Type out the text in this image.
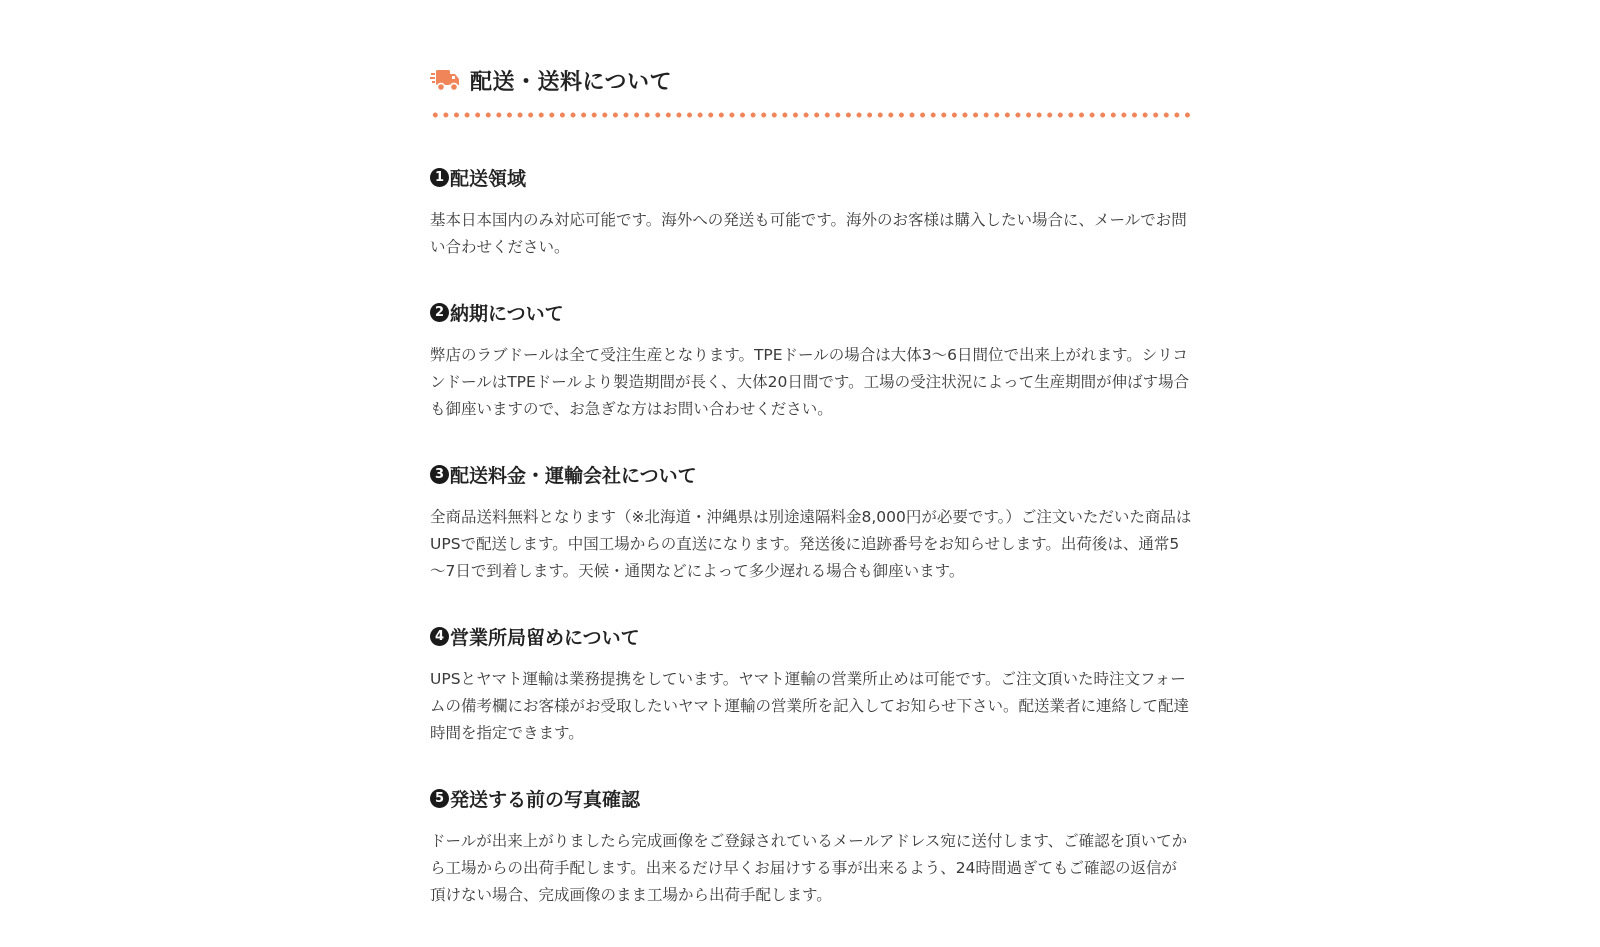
配送・送料について
1 配送領域

基本日本国内のみ対応可能です。海外への発送も可能です。海外のお客様は購入したい場合に、メールでお問い合わせください。

2 納期について

弊店のラブドールは全て受注生産となります。TPEドールの場合は大体3～6日間位で出来上がれます。シリコンドールはTPEドールより製造期間が長く、大体20日間です。工場の受注状況によって生産期間が伸ばす場合も御座いますので、お急ぎな方はお問い合わせください。

3 配送料金・運輸会社について

全商品送料無料となります（※北海道・沖縄県は別途遠隔料金8,000円が必要です。）ご注文いただいた商品はUPSで配送します。中国工場からの直送になります。発送後に追跡番号をお知らせします。出荷後は、通常5～7日で到着します。天候・通関などによって多少遅れる場合も御座います。

4 営業所局留めについて

UPSとヤマト運輸は業務提携をしています。ヤマト運輸の営業所止めは可能です。ご注文頂いた時注文フォームの備考欄にお客様がお受取したいヤマト運輸の営業所を記入してお知らせ下さい。配送業者に連絡して配達時間を指定できます。

5 発送する前の写真確認

ドールが出来上がりましたら完成画像をご登録されているメールアドレス宛に送付します、ご確認を頂いてから工場からの出荷手配します。出来るだけ早くお届けする事が出来るよう、24時間過ぎてもご確認の返信が頂けない場合、完成画像のまま工場から出荷手配します。
